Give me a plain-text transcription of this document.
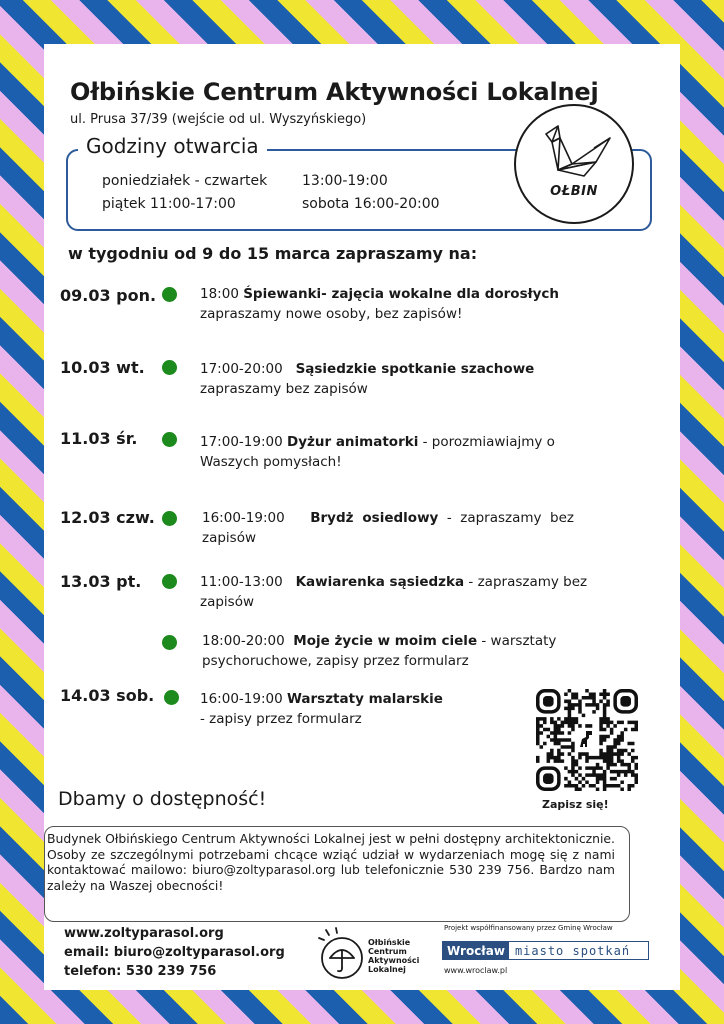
Ołbińskie Centrum Aktywności Lokalnej
ul. Prusa 37/39 (wejście od ul. Wyszyńskiego)
poniedziałek - czwartek 13:00-19:00
piątek 11:00-17:00	sobota 16:00-20:00
Godziny otwarcia
OŁBIN
w tygodniu od 9 do 15 marca zapraszamy na:
09.03 pon.	18:00 Śpiewanki- zajęcia wokalne dla dorosłych
zapraszamy nowe osoby, bez zapisów!
10.03 wt.	17:00-20:00 Sąsiedzkie spotkanie szachowe
zapraszamy bez zapisów
11.03 śr.	17:00-19:00 Dyżur animatorki - porozmiawiajmy o Waszych pomysłach!
12.03 czw.	16:00-19:00 Brydż osiedlowy - zapraszamy bez zapisów
13.03 pt.	11:00-13:00 Kawiarenka sąsiedzka - zapraszamy bez zapisów
18:00-20:00 Moje życie w moim ciele - warsztaty psychoruchowe, zapisy przez formularz
14.03 sob.	16:00-19:00 Warsztaty malarskie
- zapisy przez formularz
Zapisz się!
Dbamy o dostępność!
Budynek Ołbińskiego Centrum Aktywności Lokalnej jest w pełni dostępny architektonicznie. Osoby ze szczególnymi potrzebami chcące wziąć udział w wydarzeniach mogę się z nami kontaktować mailowo: biuro@zoltyparasol.org lub telefonicznie 530 239 756. Bardzo nam zależy na Waszej obecności!
www.zoltyparasol.org
email: biuro@zoltyparasol.org
telefon: 530 239 756
Ołbińskie
Centrum
Aktywności
Lokalnej
Projekt współfinansowany przez Gminę Wrocław
Wrocław miasto spotkań
www.wroclaw.pl
